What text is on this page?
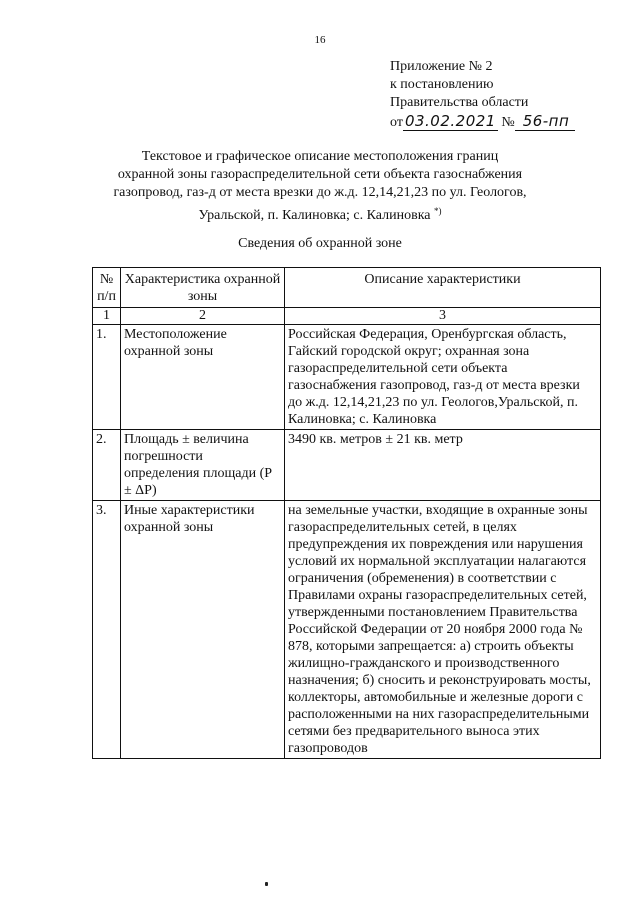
16
Приложение № 2
к постановлению
Правительства области
от 03.02.2021 № 56-пп
Текстовое и графическое описание местоположения границ
охранной зоны газораспределительной сети объекта газоснабжения
газопровод, газ-д от места врезки до ж.д. 12,14,21,23 по ул. Геологов,
Уральской, п. Калиновка; с. Калиновка *)
Сведения об охранной зоне
№ п/п	Характеристика охранной зоны	Описание характеристики
1	2	3
1.	Местоположение охранной зоны	Российская Федерация, Оренбургская область, Гайский городской округ; охранная зона газораспределительной сети объекта газоснабжения газопровод, газ-д от места врезки до ж.д. 12,14,21,23 по ул. Геологов,Уральской, п. Калиновка; с. Калиновка
2.	Площадь ± величина погрешности определения площади (P ± ΔP)	3490 кв. метров ± 21 кв. метр
3.	Иные характеристики охранной зоны	на земельные участки, входящие в охранные зоны газораспределительных сетей, в целях предупреждения их повреждения или нарушения условий их нормальной эксплуатации налагаются ограничения (обременения) в соответствии с Правилами охраны газораспределительных сетей, утвержденными постановлением Правительства Российской Федерации от 20 ноября 2000 года № 878, которыми запрещается: а) строить объекты жилищно-гражданского и производственного назначения; б) сносить и реконструировать мосты, коллекторы, автомобильные и железные дороги с расположенными на них газораспределительными сетями без предварительного выноса этих газопроводов
